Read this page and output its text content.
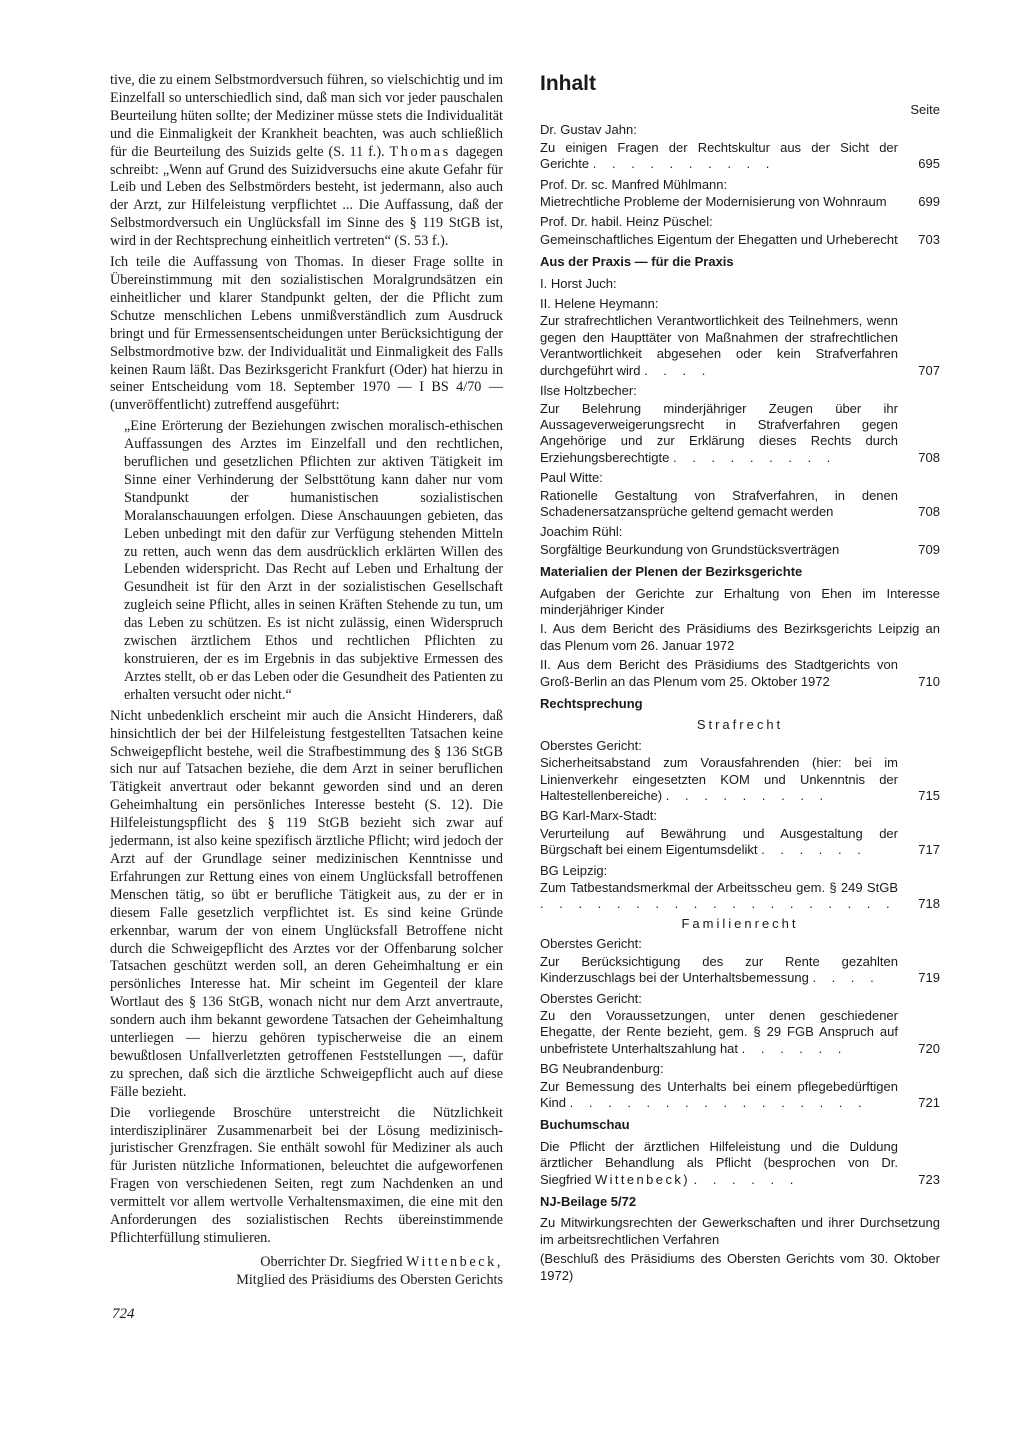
tive, die zu einem Selbstmordversuch führen, so vielschichtig und im Einzelfall so unterschiedlich sind, daß man sich vor jeder pauschalen Beurteilung hüten sollte; der Mediziner müsse stets die Individualität und die Einmaligkeit der Krankheit beachten, was auch schließlich für die Beurteilung des Suizids gelte (S. 11 f.). Thomas dagegen schreibt: „Wenn auf Grund des Suizidversuchs eine akute Gefahr für Leib und Leben des Selbstmörders besteht, ist jedermann, also auch der Arzt, zur Hilfeleistung verpflichtet ... Die Auffassung, daß der Selbstmordversuch ein Unglücksfall im Sinne des § 119 StGB ist, wird in der Rechtsprechung einheitlich vertreten“ (S. 53 f.).

Ich teile die Auffassung von Thomas. In dieser Frage sollte in Übereinstimmung mit den sozialistischen Moralgrundsätzen ein einheitlicher und klarer Standpunkt gelten, der die Pflicht zum Schutze menschlichen Lebens unmißverständlich zum Ausdruck bringt und für Ermessensentscheidungen unter Berücksichtigung der Selbstmordmotive bzw. der Individualität und Einmaligkeit des Falls keinen Raum läßt. Das Bezirksgericht Frankfurt (Oder) hat hierzu in seiner Entscheidung vom 18. September 1970 — I BS 4/70 — (unveröffentlicht) zutreffend ausgeführt:

„Eine Erörterung der Beziehungen zwischen moralisch-ethischen Auffassungen des Arztes im Einzelfall und den rechtlichen, beruflichen und gesetzlichen Pflichten zur aktiven Tätigkeit im Sinne einer Verhinderung der Selbsttötung kann daher nur vom Standpunkt der humanistischen sozialistischen Moralanschauungen erfolgen. Diese Anschauungen gebieten, das Leben unbedingt mit den dafür zur Verfügung stehenden Mitteln zu retten, auch wenn das dem ausdrücklich erklärten Willen des Lebenden widerspricht. Das Recht auf Leben und Erhaltung der Gesundheit ist für den Arzt in der sozialistischen Gesellschaft zugleich seine Pflicht, alles in seinen Kräften Stehende zu tun, um das Leben zu schützen. Es ist nicht zulässig, einen Widerspruch zwischen ärztlichem Ethos und rechtlichen Pflichten zu konstruieren, der es im Ergebnis in das subjektive Ermessen des Arztes stellt, ob er das Leben oder die Gesundheit des Patienten zu erhalten versucht oder nicht.“

Nicht unbedenklich erscheint mir auch die Ansicht Hinderers, daß hinsichtlich der bei der Hilfeleistung festgestellten Tatsachen keine Schweigepflicht bestehe, weil die Strafbestimmung des § 136 StGB sich nur auf Tatsachen beziehe, die dem Arzt in seiner beruflichen Tätigkeit anvertraut oder bekannt geworden sind und an deren Geheimhaltung ein persönliches Interesse besteht (S. 12). Die Hilfeleistungspflicht des § 119 StGB bezieht sich zwar auf jedermann, ist also keine spezifisch ärztliche Pflicht; wird jedoch der Arzt auf der Grundlage seiner medizinischen Kenntnisse und Erfahrungen zur Rettung eines von einem Unglücksfall betroffenen Menschen tätig, so übt er berufliche Tätigkeit aus, zu der er in diesem Falle gesetzlich verpflichtet ist. Es sind keine Gründe erkennbar, warum der von einem Unglücksfall Betroffene nicht durch die Schweigepflicht des Arztes vor der Offenbarung solcher Tatsachen geschützt werden soll, an deren Geheimhaltung er ein persönliches Interesse hat. Mir scheint im Gegenteil der klare Wortlaut des § 136 StGB, wonach nicht nur dem Arzt anvertraute, sondern auch ihm bekannt gewordene Tatsachen der Geheimhaltung unterliegen — hierzu gehören typischerweise die an einem bewußtlosen Unfallverletzten getroffenen Feststellungen —, dafür zu sprechen, daß sich die ärztliche Schweigepflicht auch auf diese Fälle bezieht.

Die vorliegende Broschüre unterstreicht die Nützlichkeit interdisziplinärer Zusammenarbeit bei der Lösung medizinisch-juristischer Grenzfragen. Sie enthält sowohl für Mediziner als auch für Juristen nützliche Informationen, beleuchtet die aufgeworfenen Fragen von verschiedenen Seiten, regt zum Nachdenken an und vermittelt vor allem wertvolle Verhaltensmaximen, die eine mit den Anforderungen des sozialistischen Rechts übereinstimmende Pflichterfüllung stimulieren.

Oberrichter Dr. Siegfried Wittenbeck,
Mitglied des Präsidiums des Obersten Gerichts
724
Inhalt
Seite
Dr. Gustav Jahn:
Zu einigen Fragen der Rechtskultur aus der Sicht der Gerichte . . . . . . . . . .	695
Prof. Dr. sc. Manfred Mühlmann:
Mietrechtliche Probleme der Modernisierung von Wohnraum	699
Prof. Dr. habil. Heinz Püschel:
Gemeinschaftliches Eigentum der Ehegatten und Urheberecht	703
Aus der Praxis — für die Praxis
I. Horst Juch:
II. Helene Heymann:
Zur strafrechtlichen Verantwortlichkeit des Teilnehmers, wenn gegen den Haupttäter von Maßnahmen der strafrechtlichen Verantwortlichkeit abgesehen oder kein Strafverfahren durchgeführt wird . . . .	707
Ilse Holtzbecher:
Zur Belehrung minderjähriger Zeugen über ihr Aussageverweigerungsrecht in Strafverfahren gegen Angehörige und zur Erklärung dieses Rechts durch Erziehungsberechtigte . . . . . . . . .	708
Paul Witte:
Rationelle Gestaltung von Strafverfahren, in denen Schadenersatzansprüche geltend gemacht werden	708
Joachim Rühl:
Sorgfältige Beurkundung von Grundstücksverträgen	709
Materialien der Plenen der Bezirksgerichte
Aufgaben der Gerichte zur Erhaltung von Ehen im Interesse minderjähriger Kinder
I. Aus dem Bericht des Präsidiums des Bezirksgerichts Leipzig an das Plenum vom 26. Januar 1972
II. Aus dem Bericht des Präsidiums des Stadtgerichts von Groß-Berlin an das Plenum vom 25. Oktober 1972	710
Rechtsprechung
Strafrecht
Oberstes Gericht:
Sicherheitsabstand zum Vorausfahrenden (hier: bei im Linienverkehr eingesetzten KOM und Unkenntnis der Haltestellenbereiche) . . . . . . . . .	715
BG Karl-Marx-Stadt:
Verurteilung auf Bewährung und Ausgestaltung der Bürgschaft bei einem Eigentumsdelikt . . . . . .	717
BG Leipzig:
Zum Tatbestandsmerkmal der Arbeitsscheu gem. § 249 StGB . . . . . . . . . . . . . . . . . . .	718
Familienrecht
Oberstes Gericht:
Zur Berücksichtigung des zur Rente gezahlten Kinderzuschlags bei der Unterhaltsbemessung . . . .	719
Oberstes Gericht:
Zu den Voraussetzungen, unter denen geschiedener Ehegatte, der Rente bezieht, gem. § 29 FGB Anspruch auf unbefristete Unterhaltszahlung hat . . . . . .	720
BG Neubrandenburg:
Zur Bemessung des Unterhalts bei einem pflegebedürftigen Kind . . . . . . . . . . . . . . . .	721
Buchumschau
Die Pflicht der ärztlichen Hilfeleistung und die Duldung ärztlicher Behandlung als Pflicht (besprochen von Dr. Siegfried Wittenbeck) . . . . . .	723
NJ-Beilage 5/72
Zu Mitwirkungsrechten der Gewerkschaften und ihrer Durchsetzung im arbeitsrechtlichen Verfahren
(Beschluß des Präsidiums des Obersten Gerichts vom 30. Oktober 1972)
